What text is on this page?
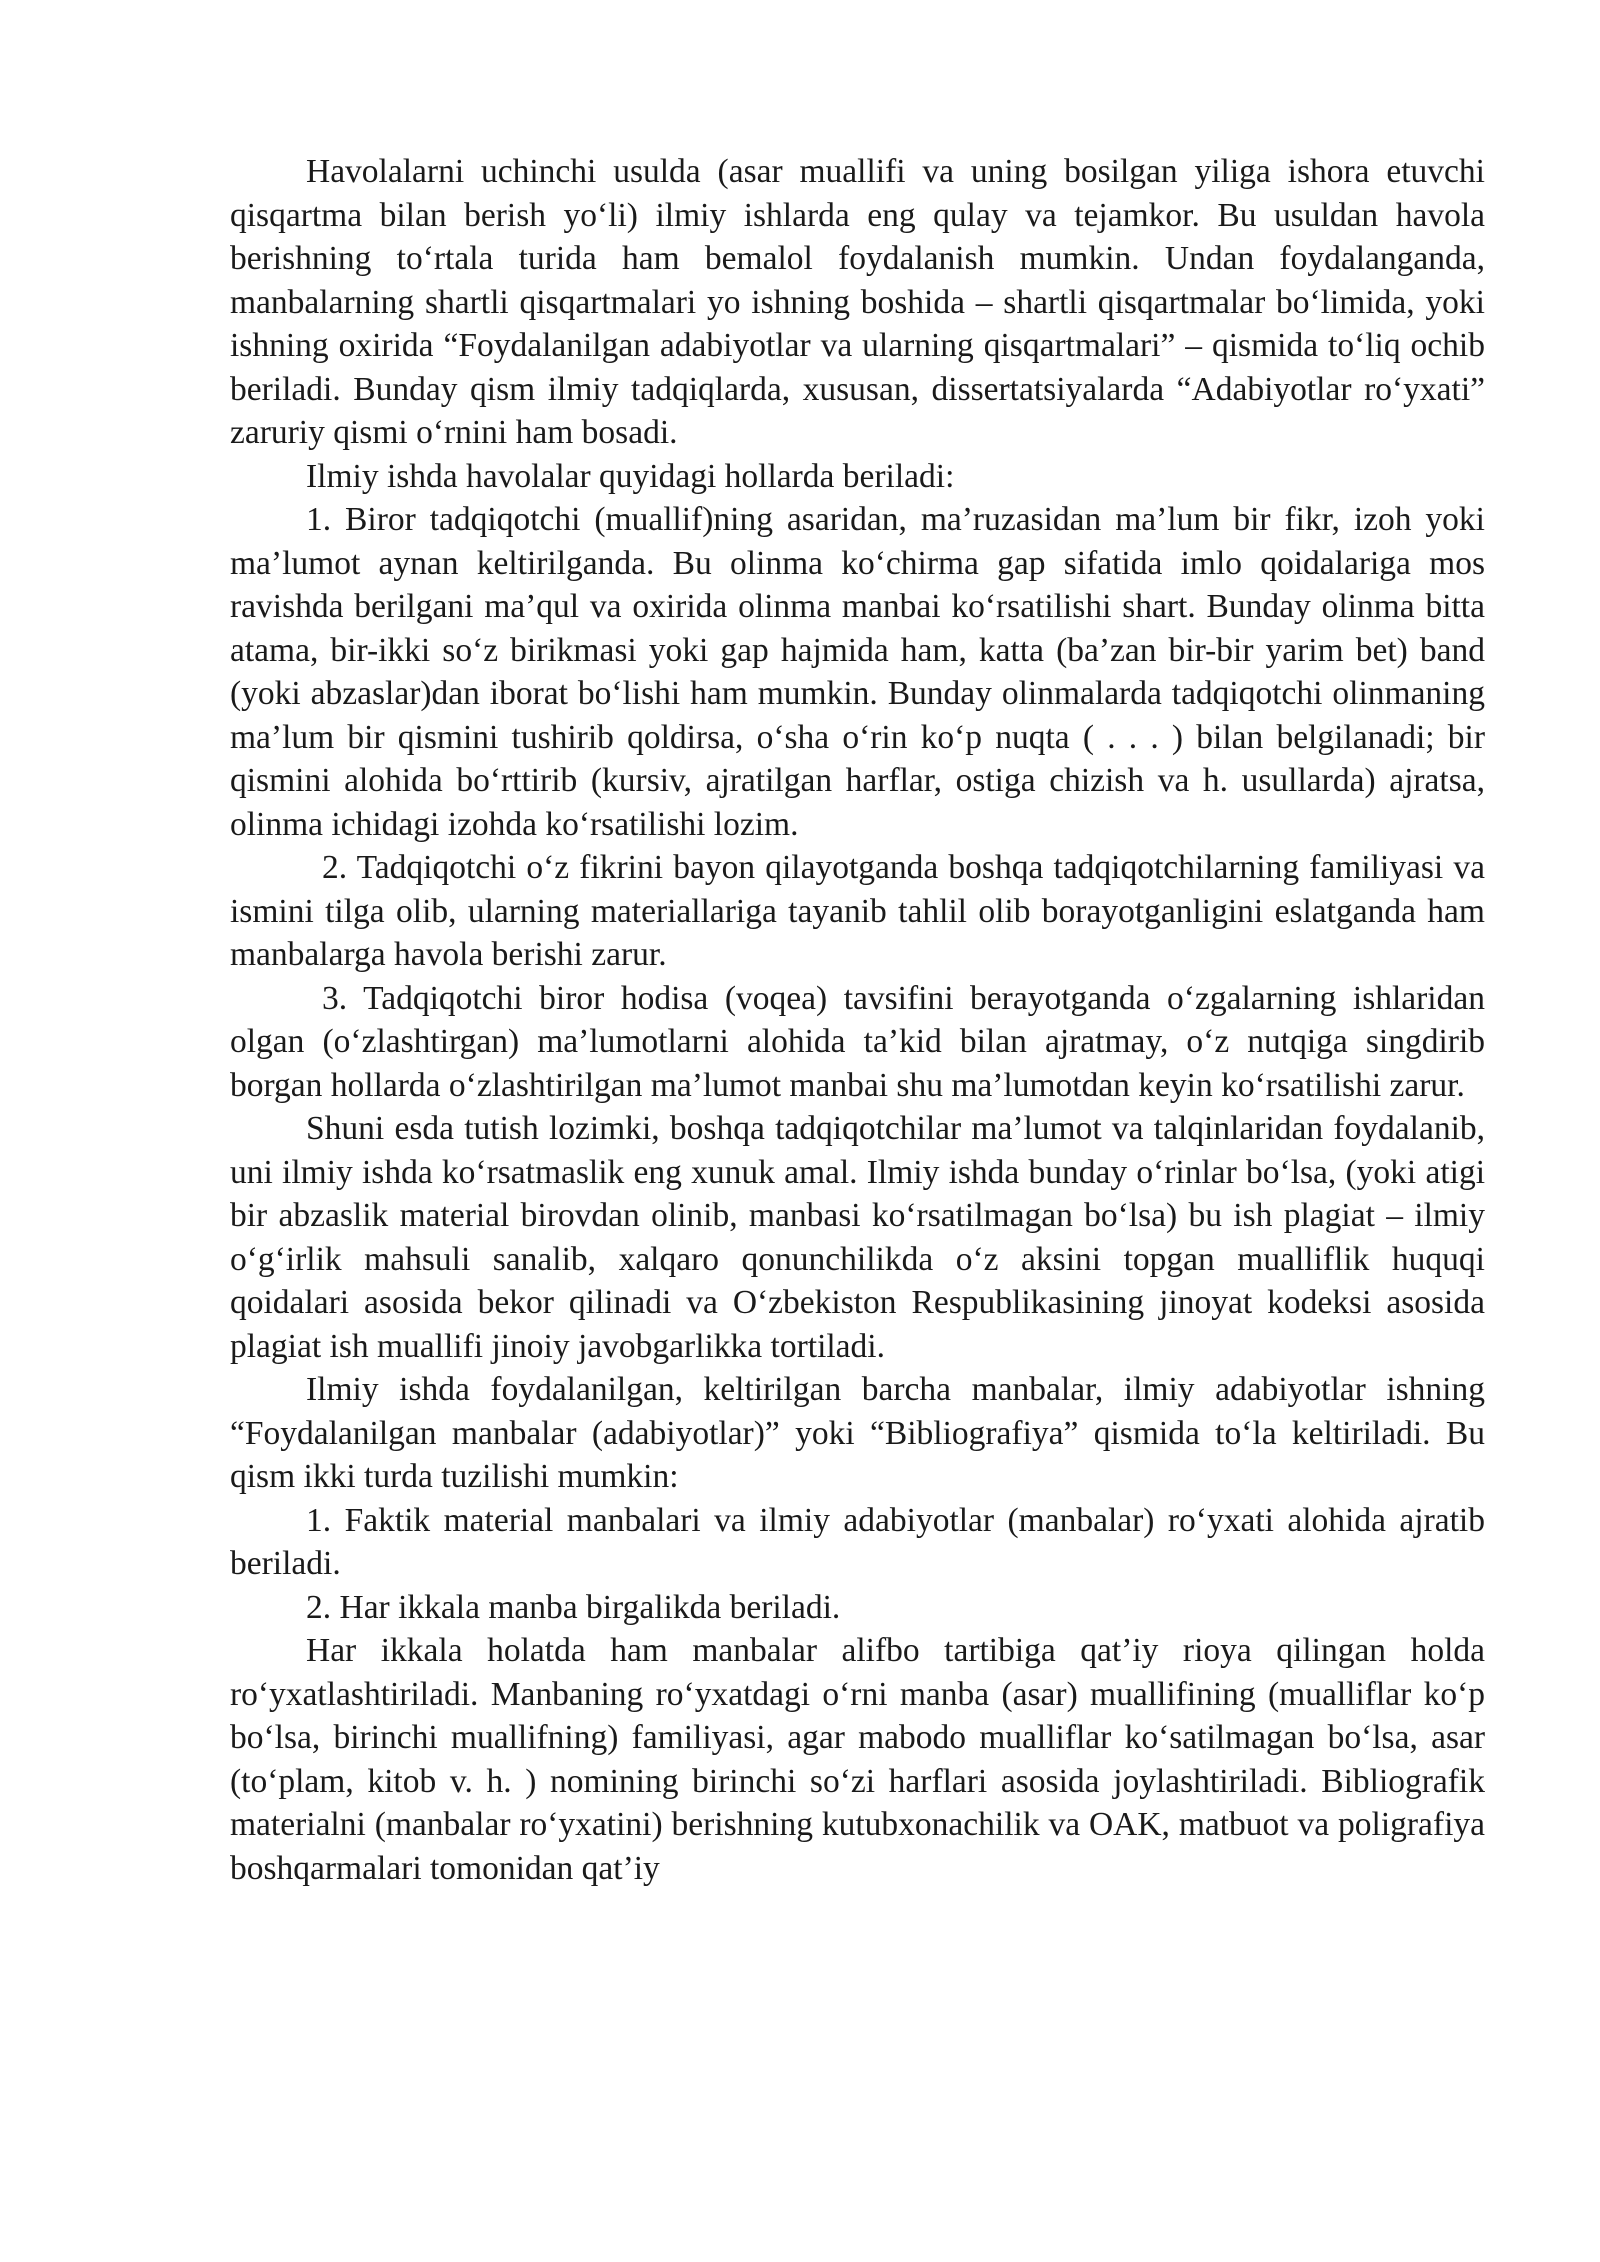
Havolalarni uchinchi usulda (asar muallifi va uning bosilgan yiliga ishora etuvchi qisqartma bilan berish yo‘li) ilmiy ishlarda eng qulay va tejamkor. Bu usuldan havola berishning to‘rtala turida ham bemalol foydalanish mumkin. Undan foydalanganda, manbalarning shartli qisqartmalari yo ishning boshida – shartli qisqartmalar bo‘limida, yoki ishning oxirida “Foydalanilgan adabiyotlar va ularning qisqartmalari” – qismida to‘liq ochib beriladi. Bunday qism ilmiy tadqiqlarda, xususan, dissertatsiyalarda “Adabiyotlar ro‘yxati” zaruriy qismi o‘rnini ham bosadi.

Ilmiy ishda havolalar quyidagi hollarda beriladi:

1. Biror tadqiqotchi (muallif)ning asaridan, ma’ruzasidan ma’lum bir fikr, izoh yoki ma’lumot aynan keltirilganda. Bu olinma ko‘chirma gap sifatida imlo qoidalariga mos ravishda berilgani ma’qul va oxirida olinma manbai ko‘rsatilishi shart. Bunday olinma bitta atama, bir-ikki so‘z birikmasi yoki gap hajmida ham, katta (ba’zan bir-bir yarim bet) band (yoki abzaslar)dan iborat bo‘lishi ham mumkin. Bunday olinmalarda tadqiqotchi olinmaning ma’lum bir qismini tushirib qoldirsa, o‘sha o‘rin ko‘p nuqta ( . . . ) bilan belgilanadi; bir qismini alohida bo‘rttirib (kursiv, ajratilgan harflar, ostiga chizish va h. usullarda) ajratsa, olinma ichidagi izohda ko‘rsatilishi lozim.

2. Tadqiqotchi o‘z fikrini bayon qilayotganda boshqa tadqiqotchilarning familiyasi va ismini tilga olib, ularning materiallariga tayanib tahlil olib borayotganligini eslatganda ham manbalarga havola berishi zarur.

3. Tadqiqotchi biror hodisa (voqea) tavsifini berayotganda o‘zgalarning ishlaridan olgan (o‘zlashtirgan) ma’lumotlarni alohida ta’kid bilan ajratmay, o‘z nutqiga singdirib borgan hollarda o‘zlashtirilgan ma’lumot manbai shu ma’lumotdan keyin ko‘rsatilishi zarur.

Shuni esda tutish lozimki, boshqa tadqiqotchilar ma’lumot va talqinlaridan foydalanib, uni ilmiy ishda ko‘rsatmaslik eng xunuk amal. Ilmiy ishda bunday o‘rinlar bo‘lsa, (yoki atigi bir abzaslik material birovdan olinib, manbasi ko‘rsatilmagan bo‘lsa) bu ish plagiat – ilmiy o‘g‘irlik mahsuli sanalib, xalqaro qonunchilikda o‘z aksini topgan mualliflik huquqi qoidalari asosida bekor qilinadi va O‘zbekiston Respublikasining jinoyat kodeksi asosida plagiat ish muallifi jinoiy javobgarlikka tortiladi.

Ilmiy ishda foydalanilgan, keltirilgan barcha manbalar, ilmiy adabiyotlar ishning “Foydalanilgan manbalar (adabiyotlar)” yoki “Bibliografiya” qismida to‘la keltiriladi. Bu qism ikki turda tuzilishi mumkin:

1. Faktik material manbalari va ilmiy adabiyotlar (manbalar) ro‘yxati alohida ajratib beriladi.

2. Har ikkala manba birgalikda beriladi.

Har ikkala holatda ham manbalar alifbo tartibiga qat’iy rioya qilingan holda ro‘yxatlashtiriladi. Manbaning ro‘yxatdagi o‘rni manba (asar) muallifining (mualliflar ko‘p bo‘lsa, birinchi muallifning) familiyasi, agar mabodo mualliflar ko‘satilmagan bo‘lsa, asar (to‘plam, kitob v. h. ) nomining birinchi so‘zi harflari asosida joylashtiriladi. Bibliografik materialni (manbalar ro‘yxatini) berishning kutubxonachilik va OAK, matbuot va poligrafiya boshqarmalari tomonidan qat’iy
